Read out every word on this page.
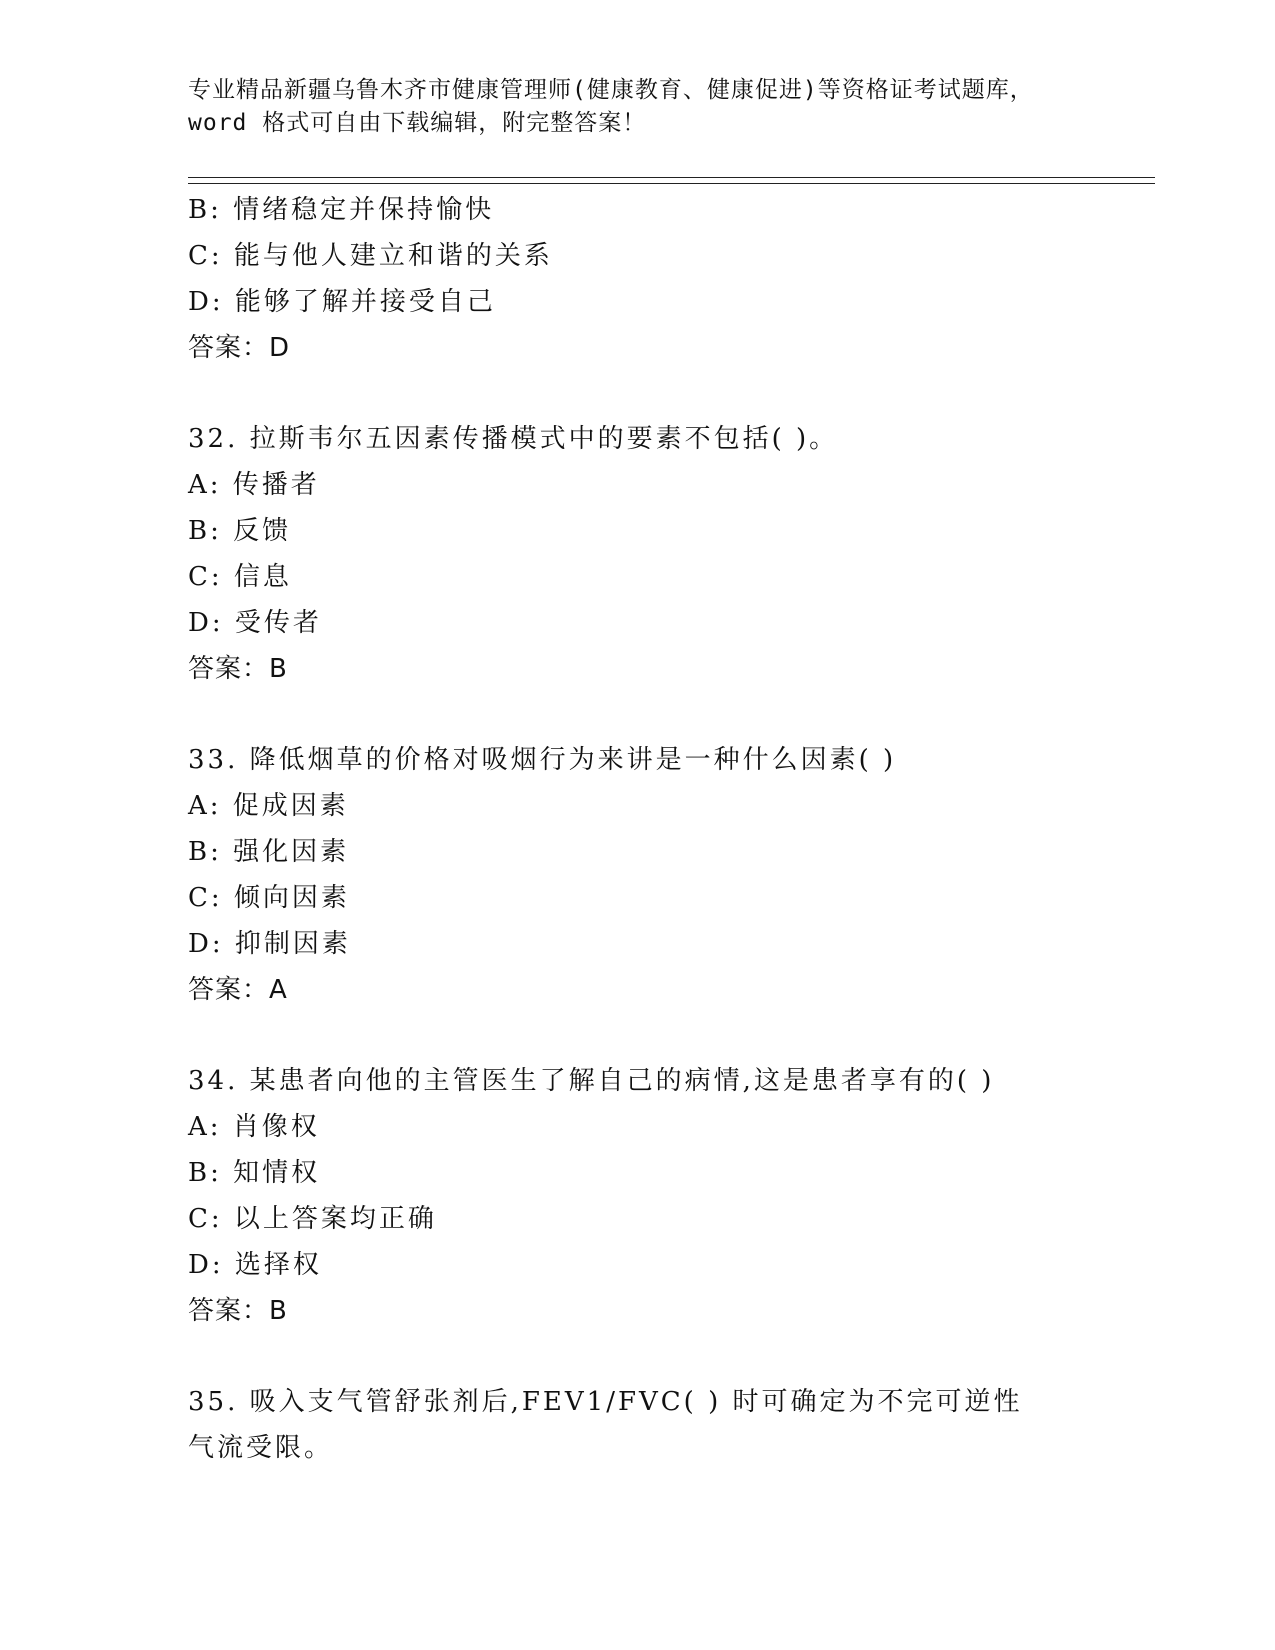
专业精品新疆乌鲁木齐市健康管理师(健康教育、健康促进)等资格证考试题库，
word 格式可自由下载编辑，附完整答案！
B: 情绪稳定并保持愉快
C: 能与他人建立和谐的关系
D: 能够了解并接受自己
答案：D
32. 拉斯韦尔五因素传播模式中的要素不包括( )。
A: 传播者
B: 反馈
C: 信息
D: 受传者
答案：B
33. 降低烟草的价格对吸烟行为来讲是一种什么因素( )
A: 促成因素
B: 强化因素
C: 倾向因素
D: 抑制因素
答案：A
34. 某患者向他的主管医生了解自己的病情,这是患者享有的( )
A: 肖像权
B: 知情权
C: 以上答案均正确
D: 选择权
答案：B
35. 吸入支气管舒张剂后,FEV1/FVC( ) 时可确定为不完可逆性
气流受限。
